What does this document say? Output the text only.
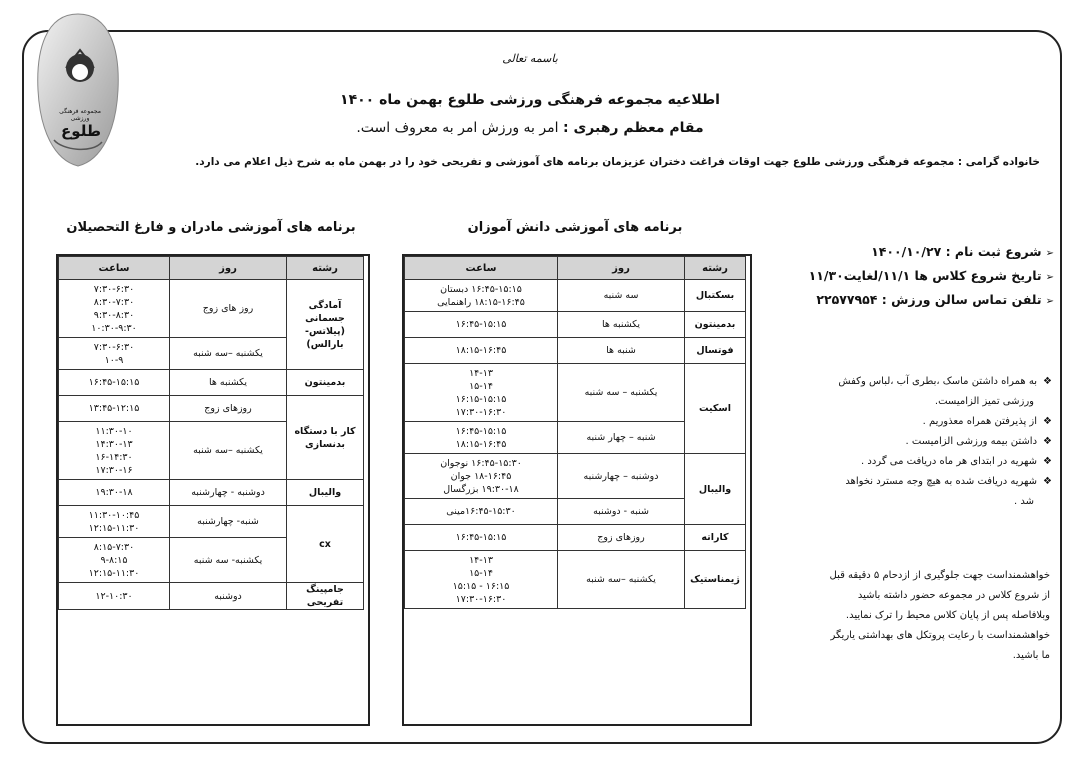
مجموعه فرهنگی ورزشی
طلوع
باسمه تعالی
اطلاعیه مجموعه فرهنگی ورزشی طلوع بهمن ماه ۱۴۰۰
مقام معظم رهبری : امر به ورزش امر به معروف است.
خانواده گرامی : مجموعه فرهنگی ورزشی طلوع جهت اوقات فراغت دختران عزیزمان برنامه های آموزشی و تفریحی خود را در بهمن ماه به شرح ذیل اعلام می دارد.
برنامه های آموزشی دانش آموزان
برنامه های آموزشی مادران و فارغ التحصیلان
رشته	روز	ساعت
بسکتبال	سه شنبه	۱۶:۴۵-۱۵:۱۵ دبستان
۱۸:۱۵-۱۶:۴۵ راهنمایی

بدمینتون	یکشنبه ها	۱۶:۴۵-۱۵:۱۵

فوتسال	شنبه ها	۱۸:۱۵-۱۶:۴۵

اسکیت	یکشنبه – سه شنبه	۱۴-۱۳
۱۵-۱۴
۱۶:۱۵-۱۵:۱۵
۱۷:۳۰-۱۶:۳۰

	شنبه – چهار شنبه	۱۶:۴۵-۱۵:۱۵
۱۸:۱۵-۱۶:۴۵

والیبال	دوشنبه – چهارشنبه	۱۶:۴۵-۱۵:۳۰ نوجوان
۱۸-۱۶:۴۵ جوان
۱۹:۳۰-۱۸ بزرگسال

	شنبه - دوشنبه	۱۶:۴۵-۱۵:۳۰مینی

کاراته	روزهای زوج	۱۶:۴۵-۱۵:۱۵

ژیمناستیک	یکشنبه –سه شنبه	۱۴-۱۳
۱۵-۱۴
۱۶:۱۵ - ۱۵:۱۵
۱۷:۳۰-۱۶:۳۰
رشته	روز	ساعت
آمادگی جسمانی (پیلاتس-بارالس)	روز های زوج	۷:۳۰-۶:۳۰
۸:۳۰-۷:۳۰
۹:۳۰-۸:۳۰
۱۰:۳۰-۹:۳۰

	یکشنبه –سه شنبه	۷:۳۰-۶:۳۰
۱۰-۹

بدمینتون	یکشنبه ها	۱۶:۴۵-۱۵:۱۵

کار با دستگاه بدنسازی	روزهای زوج	۱۳:۴۵-۱۲:۱۵

	یکشنبه –سه شنبه	۱۱:۳۰-۱۰
۱۴:۳۰-۱۳
۱۶-۱۴:۳۰
۱۷:۳۰-۱۶

والیبال	دوشنبه - چهارشنبه	۱۹:۳۰-۱۸

cx	شنبه- چهارشنبه	۱۱:۳۰-۱۰:۴۵
۱۲:۱۵-۱۱:۳۰

	یکشنبه- سه شنبه	۸:۱۵-۷:۳۰
۹-۸:۱۵
۱۲:۱۵-۱۱:۳۰

جامپینگ تفریحی	دوشنبه	۱۲-۱۰:۳۰
➢شروع ثبت نام : ۱۴۰۰/۱۰/۲۷
➢تاریخ شروع کلاس ها ۱۱/۱/لغایت۱۱/۳۰
➢تلفن تماس سالن ورزش : ۲۲۵۷۷۹۵۴
❖به همراه داشتن ماسک ،بطری آب ،لباس وکفش
ورزشی تمیز الزامیست.
❖از پذیرفتن همراه معذوریم .
❖داشتن بیمه ورزشی الزامیست .
❖شهریه در ابتدای هر ماه دریافت می گردد .
❖شهریه دریافت شده به هیچ وجه مسترد نخواهد
شد .
خواهشمنداست جهت جلوگیری از ازدحام ۵ دقیقه قبل
از شروع کلاس در مجموعه حضور داشته باشید
وبلافاصله پس از پایان کلاس محیط را ترک نمایید.
خواهشمنداست با رعایت پروتکل های بهداشتی یاریگر
ما باشید.
